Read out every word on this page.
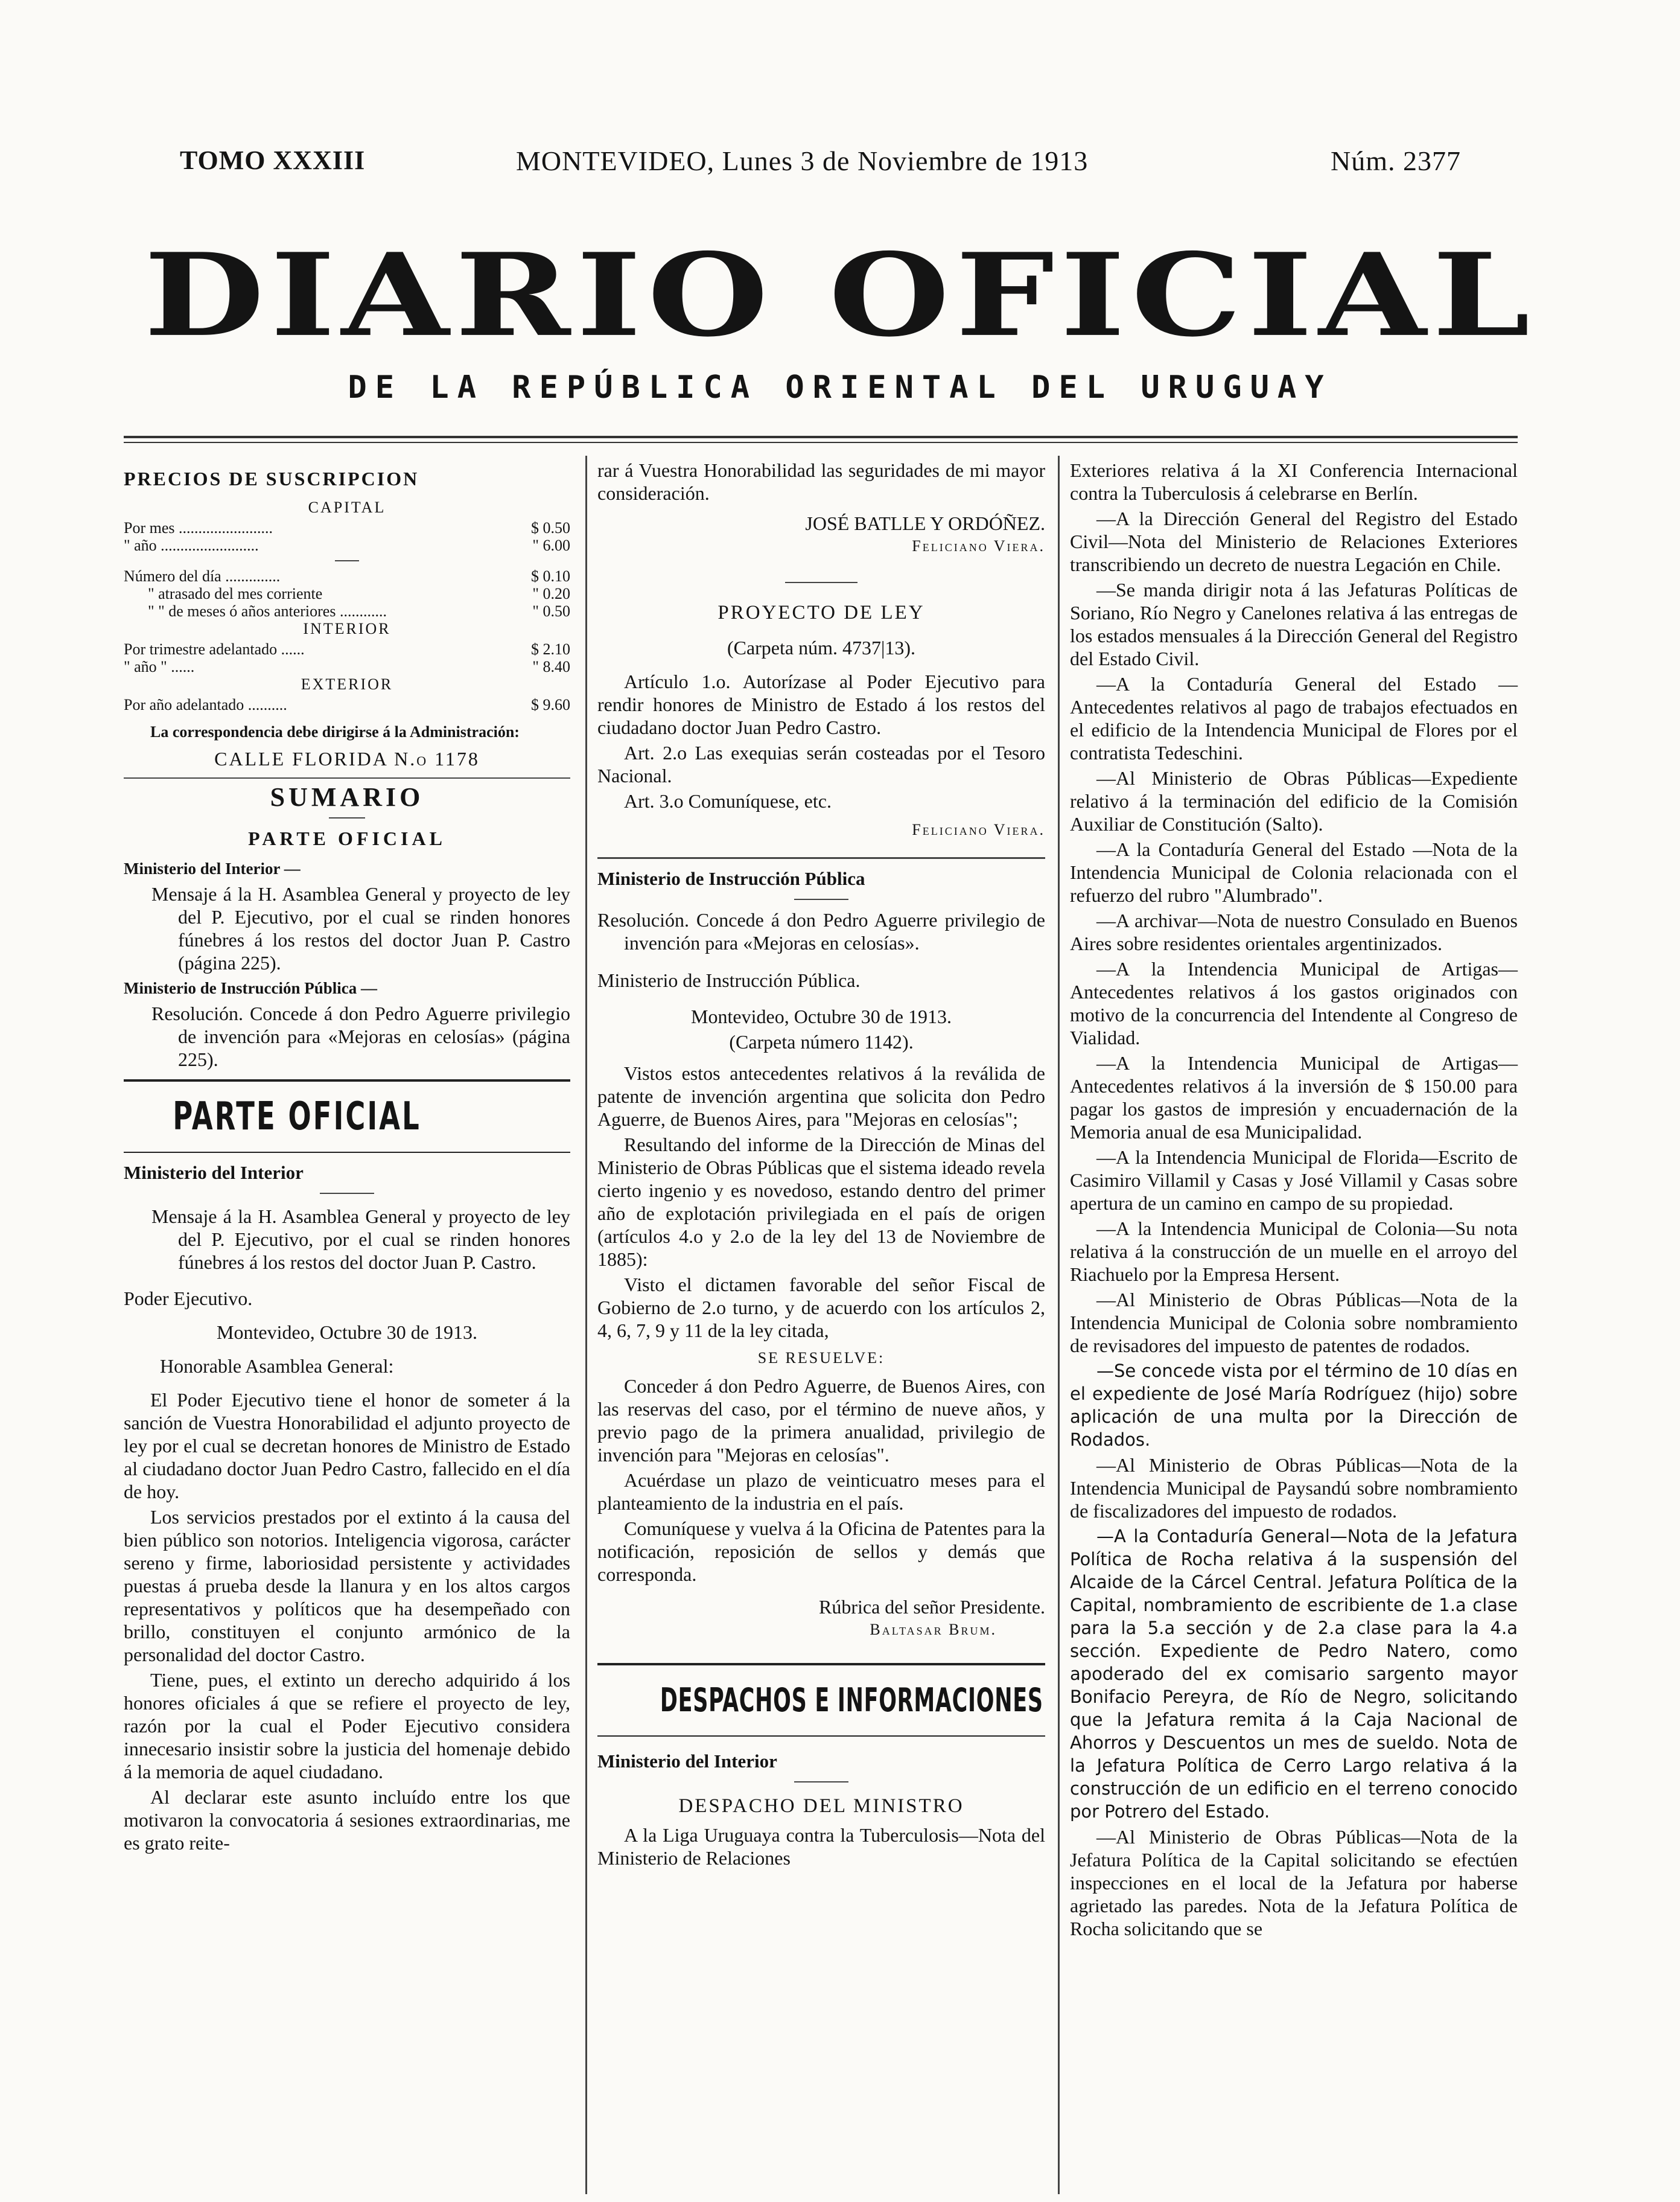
TOMO XXXIII	MONTEVIDEO, Lunes 3 de Noviembre de 1913	Núm. 2377
DIARIO OFICIAL
DE LA REPÚBLICA ORIENTAL DEL URUGUAY

PRECIOS DE SUSCRIPCION

CAPITAL

Por mes ........................	$ 0.50
" año .........................	" 6.00
Número del día ..............	$ 0.10
" atrasado del mes corriente	" 0.20
" " de meses ó años anteriores ............	" 0.50

INTERIOR

Por trimestre adelantado ......	$ 2.10
" año " ......	" 8.40

EXTERIOR

Por año adelantado ..........	$ 9.60

La correspondencia debe dirigirse á la Administración:

CALLE FLORIDA N.o 1178

SUMARIO

PARTE OFICIAL

Ministerio del Interior —

Mensaje á la H. Asamblea General y proyecto de ley del P. Ejecutivo, por el cual se rinden honores fúnebres á los restos del doctor Juan P. Castro (página 225).

Ministerio de Instrucción Pública —

Resolución. Concede á don Pedro Aguerre privilegio de invención para «Mejoras en celosías» (página 225).

PARTE OFICIAL

Ministerio del Interior

Mensaje á la H. Asamblea General y proyecto de ley del P. Ejecutivo, por el cual se rinden honores fúnebres á los restos del doctor Juan P. Castro.

Poder Ejecutivo.

Montevideo, Octubre 30 de 1913.

Honorable Asamblea General:

El Poder Ejecutivo tiene el honor de someter á la sanción de Vuestra Honorabilidad el adjunto proyecto de ley por el cual se decretan honores de Ministro de Estado al ciudadano doctor Juan Pedro Castro, fallecido en el día de hoy.

Los servicios prestados por el extinto á la causa del bien público son notorios. Inteligencia vigorosa, carácter sereno y firme, laboriosidad persistente y actividades puestas á prueba desde la llanura y en los altos cargos representativos y políticos que ha desempeñado con brillo, constituyen el conjunto armónico de la personalidad del doctor Castro.

Tiene, pues, el extinto un derecho adquirido á los honores oficiales á que se refiere el proyecto de ley, razón por la cual el Poder Ejecutivo considera innecesario insistir sobre la justicia del homenaje debido á la memoria de aquel ciudadano.

Al declarar este asunto incluído entre los que motivaron la convocatoria á sesiones extraordinarias, me es grato reite-

rar á Vuestra Honorabilidad las seguridades de mi mayor consideración.

JOSÉ BATLLE Y ORDÓÑEZ.

Feliciano Viera.

PROYECTO DE LEY

(Carpeta núm. 4737|13).

Artículo 1.o. Autorízase al Poder Ejecutivo para rendir honores de Ministro de Estado á los restos del ciudadano doctor Juan Pedro Castro.

Art. 2.o Las exequias serán costeadas por el Tesoro Nacional.

Art. 3.o Comuníquese, etc.

Feliciano Viera.

Ministerio de Instrucción Pública

Resolución. Concede á don Pedro Aguerre privilegio de invención para «Mejoras en celosías».

Ministerio de Instrucción Pública.

Montevideo, Octubre 30 de 1913.

(Carpeta número 1142).

Vistos estos antecedentes relativos á la reválida de patente de invención argentina que solicita don Pedro Aguerre, de Buenos Aires, para "Mejoras en celosías";

Resultando del informe de la Dirección de Minas del Ministerio de Obras Públicas que el sistema ideado revela cierto ingenio y es novedoso, estando dentro del primer año de explotación privilegiada en el país de origen (artículos 4.o y 2.o de la ley del 13 de Noviembre de 1885):

Visto el dictamen favorable del señor Fiscal de Gobierno de 2.o turno, y de acuerdo con los artículos 2, 4, 6, 7, 9 y 11 de la ley citada,

SE RESUELVE:

Conceder á don Pedro Aguerre, de Buenos Aires, con las reservas del caso, por el término de nueve años, y previo pago de la primera anualidad, privilegio de invención para "Mejoras en celosías".

Acuérdase un plazo de veinticuatro meses para el planteamiento de la industria en el país.

Comuníquese y vuelva á la Oficina de Patentes para la notificación, reposición de sellos y demás que corresponda.

Rúbrica del señor Presidente.

Baltasar Brum.

DESPACHOS E INFORMACIONES

Ministerio del Interior

DESPACHO DEL MINISTRO

A la Liga Uruguaya contra la Tuberculosis—Nota del Ministerio de Relaciones

Exteriores relativa á la XI Conferencia Internacional contra la Tuberculosis á celebrarse en Berlín.

—A la Dirección General del Registro del Estado Civil—Nota del Ministerio de Relaciones Exteriores transcribiendo un decreto de nuestra Legación en Chile.

—Se manda dirigir nota á las Jefaturas Políticas de Soriano, Río Negro y Canelones relativa á las entregas de los estados mensuales á la Dirección General del Registro del Estado Civil.

—A la Contaduría General del Estado —Antecedentes relativos al pago de trabajos efectuados en el edificio de la Intendencia Municipal de Flores por el contratista Tedeschini.

—Al Ministerio de Obras Públicas—Expediente relativo á la terminación del edificio de la Comisión Auxiliar de Constitución (Salto).

—A la Contaduría General del Estado —Nota de la Intendencia Municipal de Colonia relacionada con el refuerzo del rubro "Alumbrado".

—A archivar—Nota de nuestro Consulado en Buenos Aires sobre residentes orientales argentinizados.

—A la Intendencia Municipal de Artigas—Antecedentes relativos á los gastos originados con motivo de la concurrencia del Intendente al Congreso de Vialidad.

—A la Intendencia Municipal de Artigas—Antecedentes relativos á la inversión de $ 150.00 para pagar los gastos de impresión y encuadernación de la Memoria anual de esa Municipalidad.

—A la Intendencia Municipal de Florida—Escrito de Casimiro Villamil y Casas y José Villamil y Casas sobre apertura de un camino en campo de su propiedad.

—A la Intendencia Municipal de Colonia—Su nota relativa á la construcción de un muelle en el arroyo del Riachuelo por la Empresa Hersent.

—Al Ministerio de Obras Públicas—Nota de la Intendencia Municipal de Colonia sobre nombramiento de revisadores del impuesto de patentes de rodados.

—Se concede vista por el término de 10 días en el expediente de José María Rodríguez (hijo) sobre aplicación de una multa por la Dirección de Rodados.

—Al Ministerio de Obras Públicas—Nota de la Intendencia Municipal de Paysandú sobre nombramiento de fiscalizadores del impuesto de rodados.

—A la Contaduría General—Nota de la Jefatura Política de Rocha relativa á la suspensión del Alcaide de la Cárcel Central. Jefatura Política de la Capital, nombramiento de escribiente de 1.a clase para la 5.a sección y de 2.a clase para la 4.a sección. Expediente de Pedro Natero, como apoderado del ex comisario sargento mayor Bonifacio Pereyra, de Río de Negro, solicitando que la Jefatura remita á la Caja Nacional de Ahorros y Descuentos un mes de sueldo. Nota de la Jefatura Política de Cerro Largo relativa á la construcción de un edificio en el terreno conocido por Potrero del Estado.

—Al Ministerio de Obras Públicas—Nota de la Jefatura Política de la Capital solicitando se efectúen inspecciones en el local de la Jefatura por haberse agrietado las paredes. Nota de la Jefatura Política de Rocha solicitando que se
